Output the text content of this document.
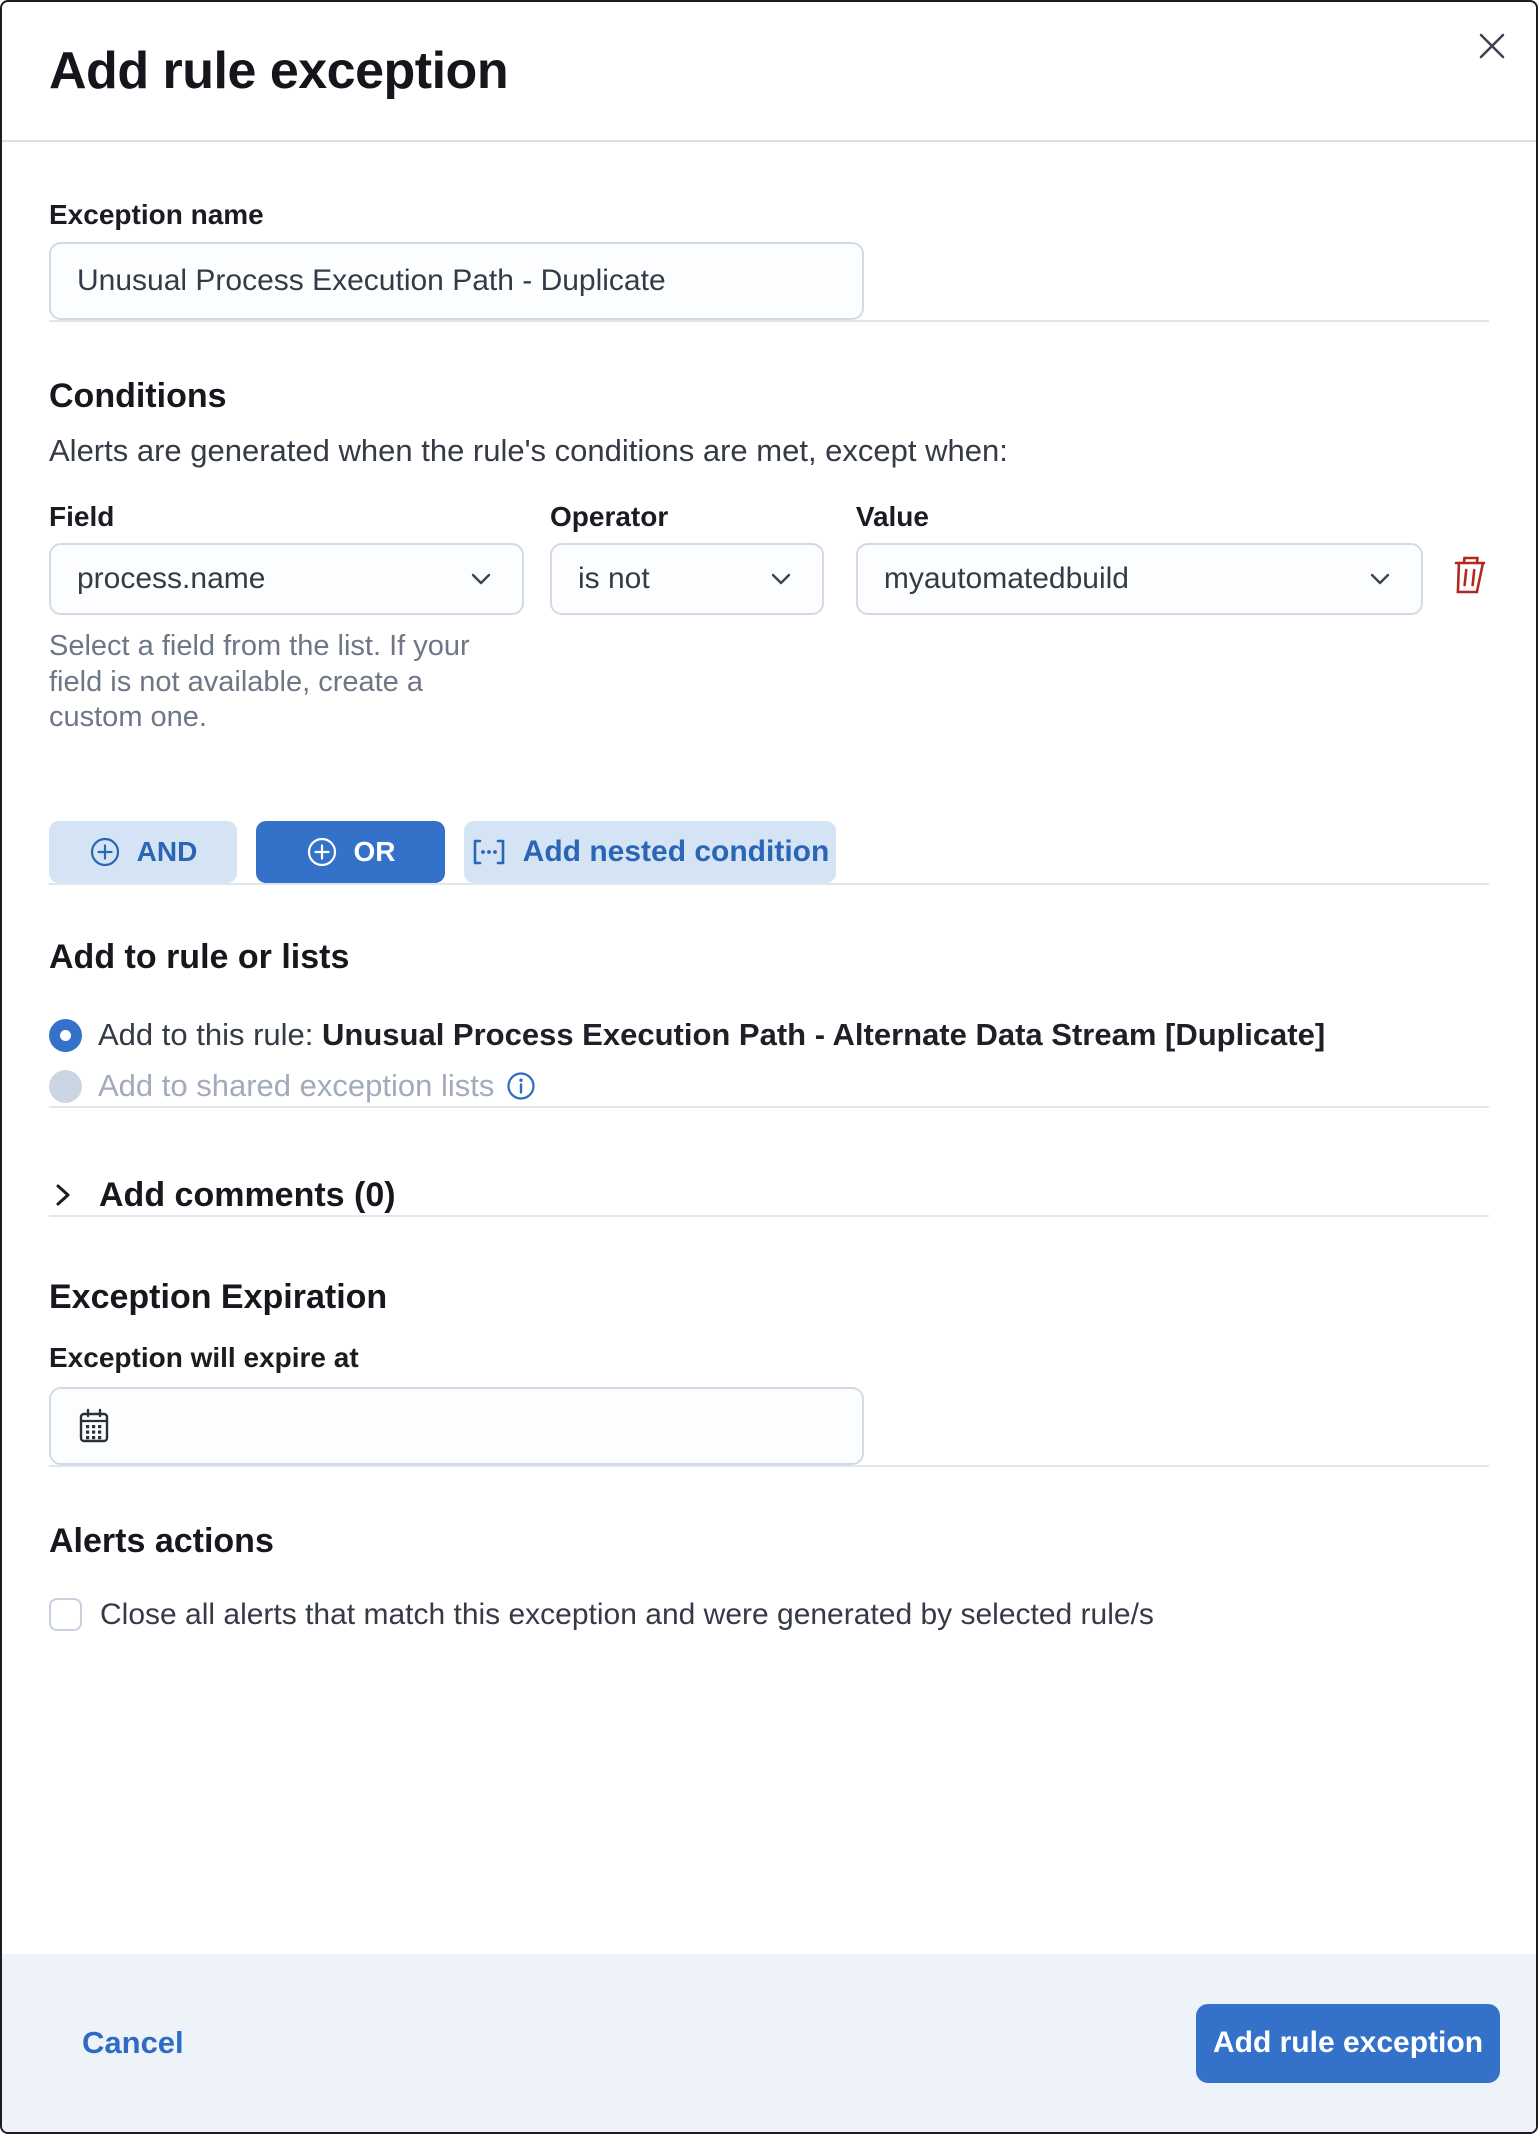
Add rule exception
Exception name
Unusual Process Execution Path - Duplicate
Conditions
Alerts are generated when the rule's conditions are met, except when:
Field
process.name
Select a field from the list. If your field is not available, create a custom one.
Operator
is not
Value
myautomatedbuild
AND	OR	Add nested condition
Add to rule or lists
Add to this rule: Unusual Process Execution Path - Alternate Data Stream [Duplicate]
Add to shared exception lists
Add comments (0)
Exception Expiration
Exception will expire at
Alerts actions
Close all alerts that match this exception and were generated by selected rule/s
Cancel	Add rule exception
